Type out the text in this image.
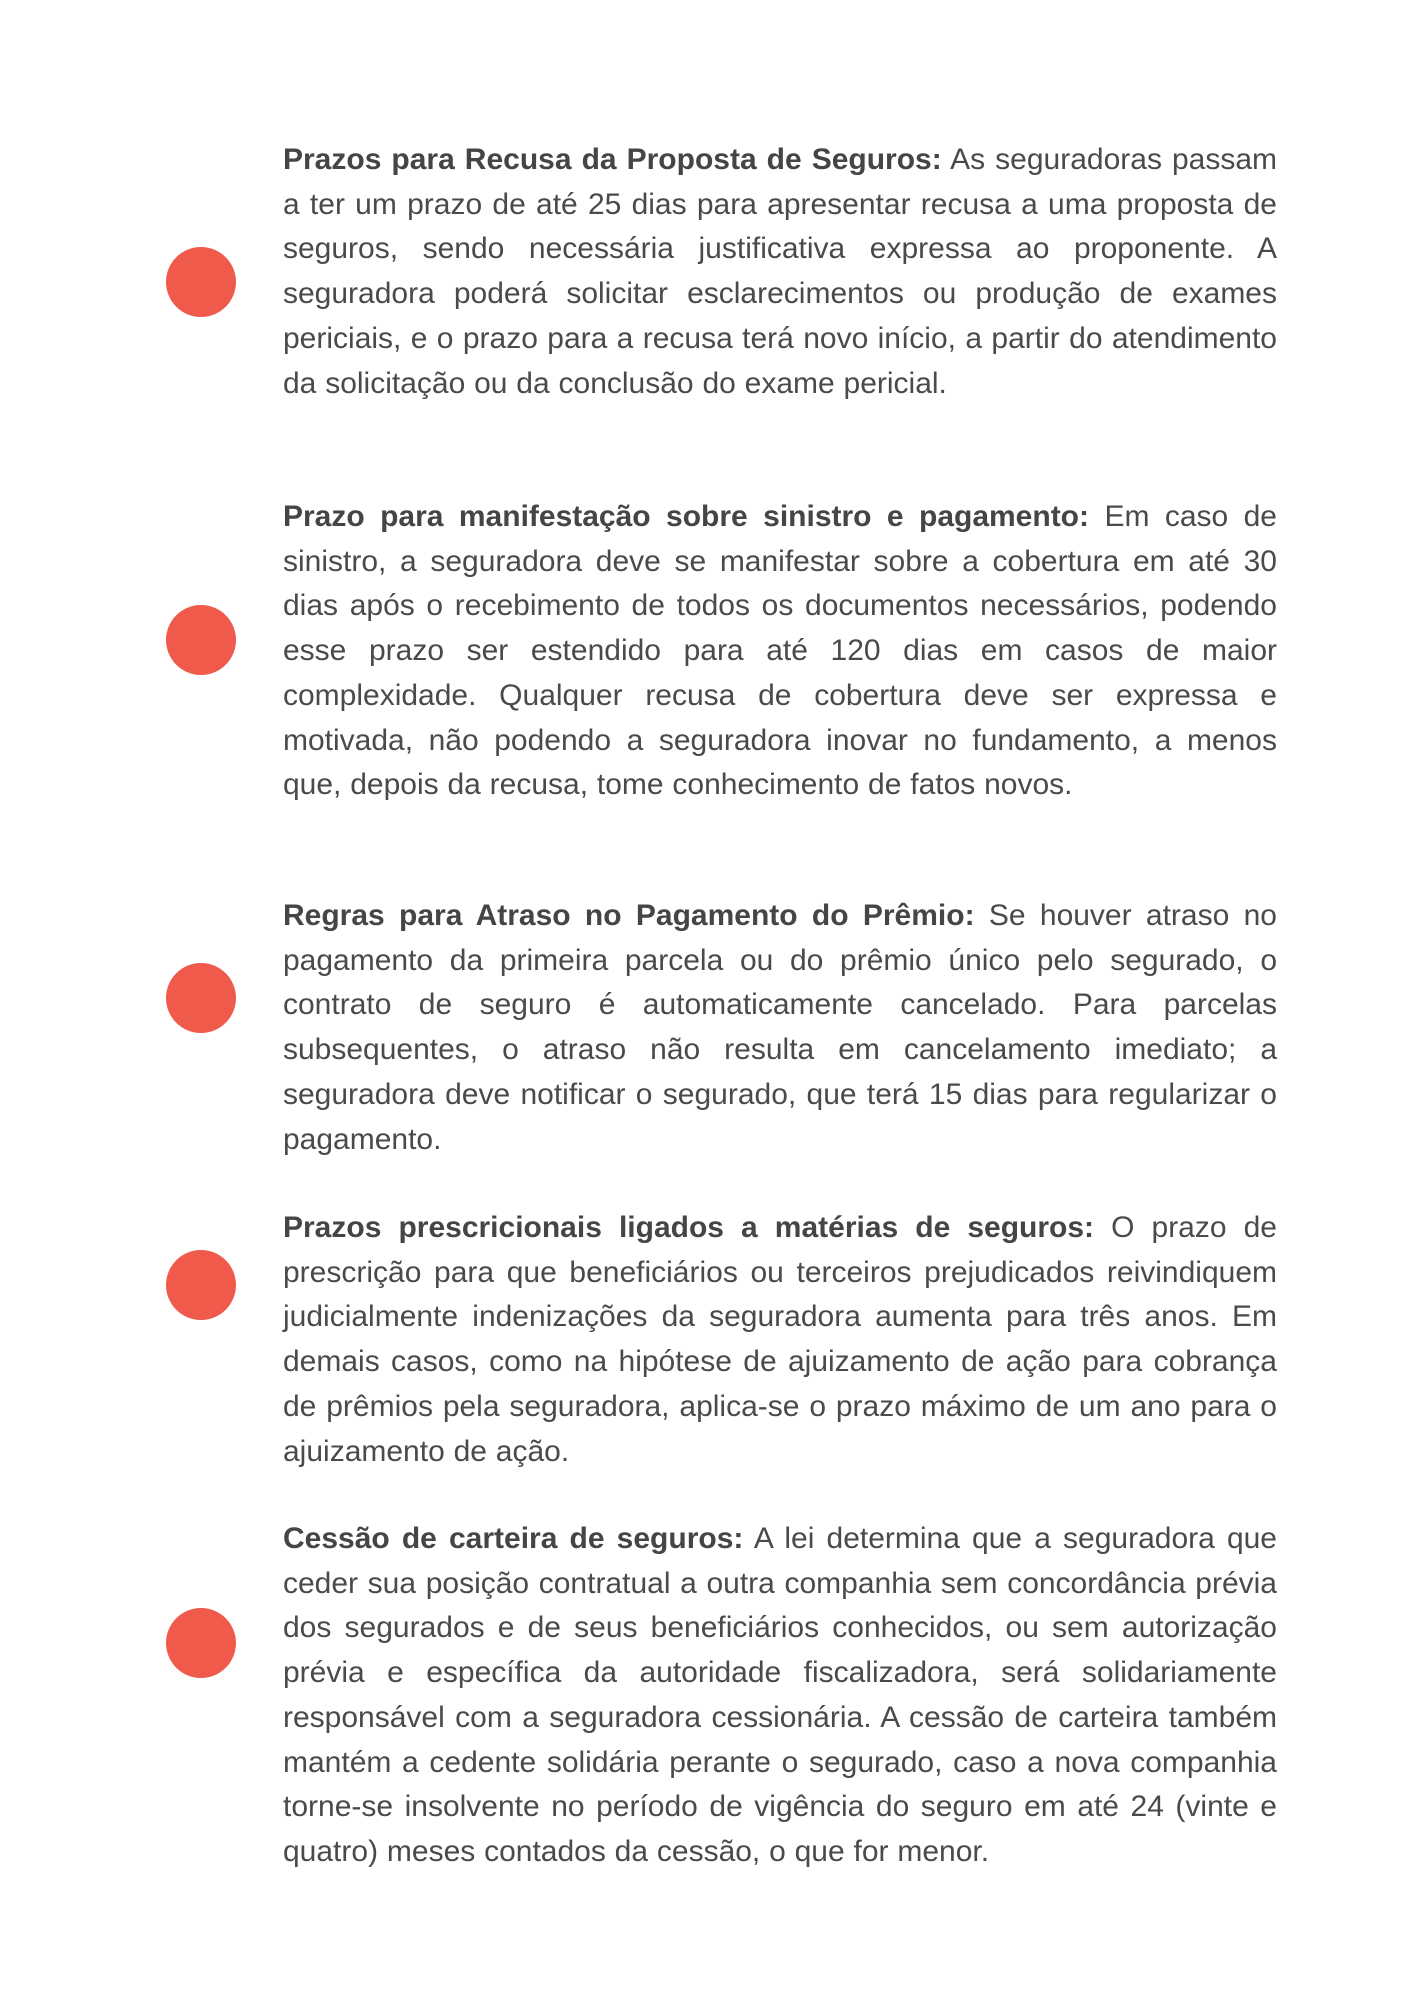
Prazos para Recusa da Proposta de Seguros: As seguradoras passam a ter um prazo de até 25 dias para apresentar recusa a uma proposta de seguros, sendo necessária justificativa expressa ao proponente. A seguradora poderá solicitar esclarecimentos ou produção de exames periciais, e o prazo para a recusa terá novo início, a partir do atendimento da solicitação ou da conclusão do exame pericial.

Prazo para manifestação sobre sinistro e pagamento: Em caso de sinistro, a seguradora deve se manifestar sobre a cobertura em até 30 dias após o recebimento de todos os documentos necessários, podendo esse prazo ser estendido para até 120 dias em casos de maior complexidade. Qualquer recusa de cobertura deve ser expressa e motivada, não podendo a seguradora inovar no fundamento, a menos que, depois da recusa, tome conhecimento de fatos novos.

Regras para Atraso no Pagamento do Prêmio: Se houver atraso no pagamento da primeira parcela ou do prêmio único pelo segurado, o contrato de seguro é automaticamente cancelado. Para parcelas subsequentes, o atraso não resulta em cancelamento imediato; a seguradora deve notificar o segurado, que terá 15 dias para regularizar o pagamento.

Prazos prescricionais ligados a matérias de seguros: O prazo de prescrição para que beneficiários ou terceiros prejudicados reivindiquem judicialmente indenizações da seguradora aumenta para três anos. Em demais casos, como na hipótese de ajuizamento de ação para cobrança de prêmios pela seguradora, aplica-se o prazo máximo de um ano para o ajuizamento de ação.

Cessão de carteira de seguros: A lei determina que a seguradora que ceder sua posição contratual a outra companhia sem concordância prévia dos segurados e de seus beneficiários conhecidos, ou sem autorização prévia e específica da autoridade fiscalizadora, será solidariamente responsável com a seguradora cessionária. A cessão de carteira também mantém a cedente solidária perante o segurado, caso a nova companhia torne-se insolvente no período de vigência do seguro em até 24 (vinte e quatro) meses contados da cessão, o que for menor.
